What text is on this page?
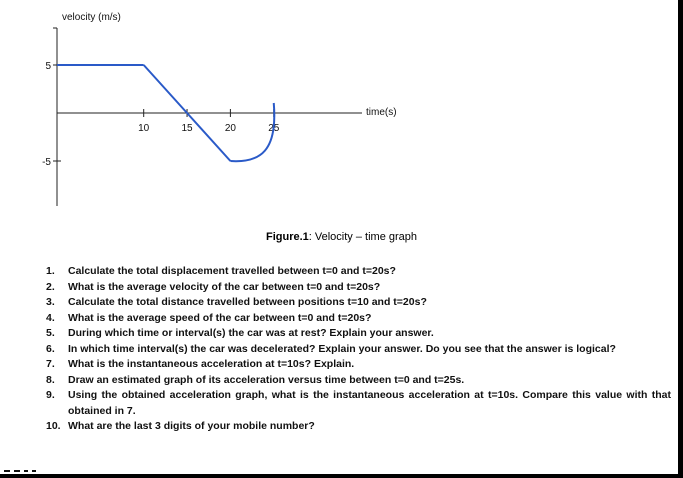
velocity (m/s)
time(s)
10	15	20	25
5
-5
Figure.1: Velocity – time graph
1.	Calculate the total displacement travelled between t=0 and t=20s?
2.	What is the average velocity of the car between t=0 and t=20s?
3.	Calculate the total distance travelled between positions t=10 and t=20s?
4.	What is the average speed of the car between t=0 and t=20s?
5.	During which time or interval(s) the car was at rest? Explain your answer.
6.	In which time interval(s) the car was decelerated? Explain your answer. Do you see that the answer is logical?
7.	What is the instantaneous acceleration at t=10s? Explain.
8.	Draw an estimated graph of its acceleration versus time between t=0 and t=25s.
9.	Using the obtained acceleration graph, what is the instantaneous acceleration at t=10s. Compare this value with that obtained in 7.
10. What are the last 3 digits of your mobile number?
